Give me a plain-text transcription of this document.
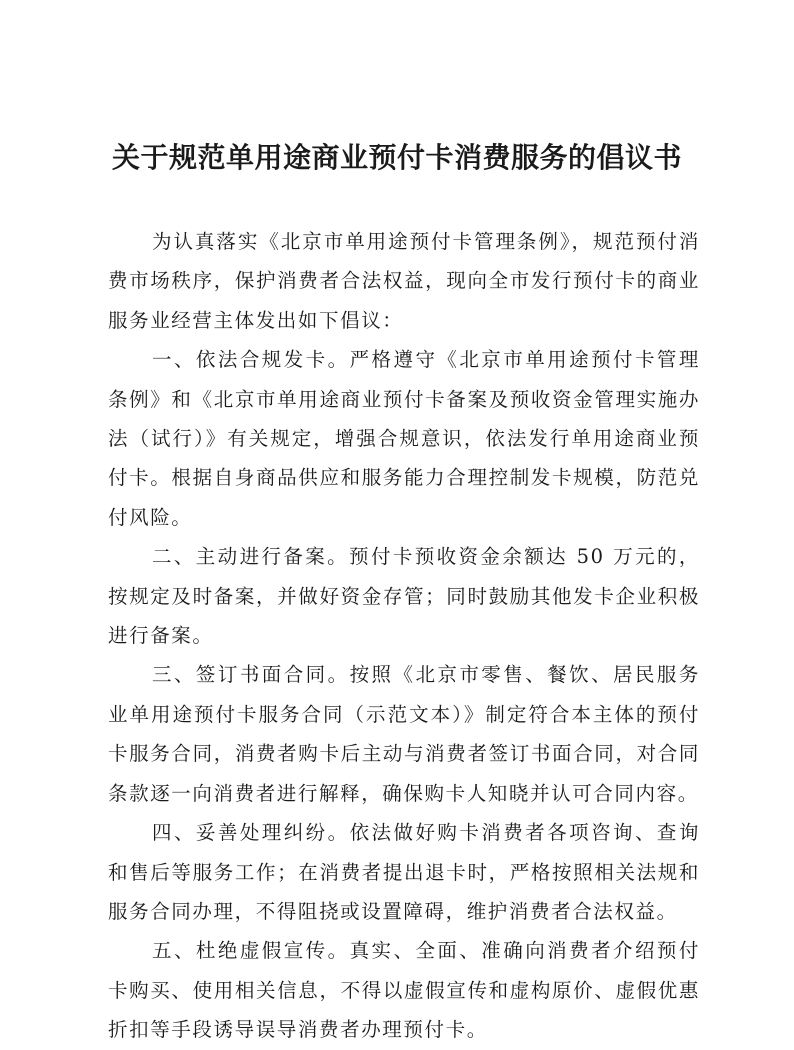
关于规范单用途商业预付卡消费服务的倡议书

为认真落实《北京市单用途预付卡管理条例》，规范预付消费市场秩序，保护消费者合法权益，现向全市发行预付卡的商业服务业经营主体发出如下倡议：

一、依法合规发卡。严格遵守《北京市单用途预付卡管理条例》和《北京市单用途商业预付卡备案及预收资金管理实施办法（试行）》有关规定，增强合规意识，依法发行单用途商业预付卡。根据自身商品供应和服务能力合理控制发卡规模，防范兑付风险。

二、主动进行备案。预付卡预收资金余额达 50 万元的，按规定及时备案，并做好资金存管；同时鼓励其他发卡企业积极进行备案。

三、签订书面合同。按照《北京市零售、餐饮、居民服务业单用途预付卡服务合同（示范文本）》制定符合本主体的预付卡服务合同，消费者购卡后主动与消费者签订书面合同，对合同条款逐一向消费者进行解释，确保购卡人知晓并认可合同内容。

四、妥善处理纠纷。依法做好购卡消费者各项咨询、查询和售后等服务工作；在消费者提出退卡时，严格按照相关法规和服务合同办理，不得阻挠或设置障碍，维护消费者合法权益。

五、杜绝虚假宣传。真实、全面、准确向消费者介绍预付卡购买、使用相关信息，不得以虚假宣传和虚构原价、虚假优惠折扣等手段诱导误导消费者办理预付卡。
